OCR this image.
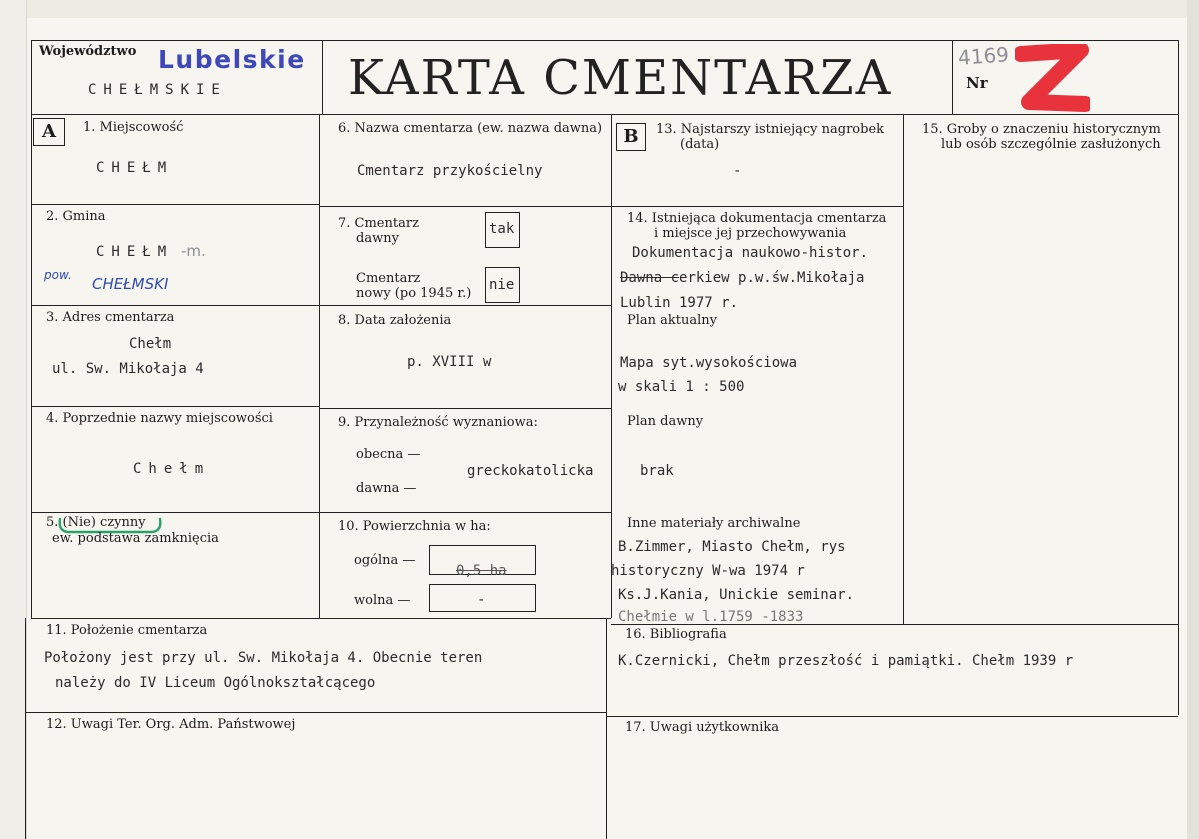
Województwo Lubelskie
CHEŁMSKIE	KARTA CMENTARZA	4169
Nr
A	1. Miejscowość
CHEŁM
2. Gmina
CHEŁM -m.
pow. CHEŁMSKI
3. Adres cmentarza
Chełm
ul. Sw. Mikołaja 4
4. Poprzednie nazwy miejscowości
Chełm
5. (Nie) czynny
ew. podstawa zamknięcia
6. Nazwa cmentarza (ew. nazwa dawna)
Cmentarz przykościelny
7. Cmentarz
dawny
tak
Cmentarz
nowy (po 1945 r.)
nie
8. Data założenia
p. XVIII w
9. Przynależność wyznaniowa:
obecna —
dawna —
greckokatolicka
10. Powierzchnia w ha:
ogólna —
0,5 ha
wolna —	-
B	13. Najstarszy istniejący nagrobek
(data)
-
14. Istniejąca dokumentacja cmentarza
i miejsce jej przechowywania
Dokumentacja naukowo-histor.
Dawna cerkiew p.w.św.Mikołaja
Lublin 1977 r.
Plan aktualny
Mapa syt.wysokościowa
w skali 1 : 500
Plan dawny
brak
Inne materiały archiwalne
B.Zimmer, Miasto Chełm, rys
historyczny W-wa 1974 r
Ks.J.Kania, Unickie seminar.
Chełmie w l.1759 -1833
15. Groby o znaczeniu historycznym
lub osób szczególnie zasłużonych
11. Położenie cmentarza
Położony jest przy ul. Sw. Mikołaja 4. Obecnie teren
należy do IV Liceum Ogólnokształcącego
16. Bibliografia
K.Czernicki, Chełm przeszłość i pamiątki. Chełm 1939 r
12. Uwagi Ter. Org. Adm. Państwowej	17. Uwagi użytkownika
